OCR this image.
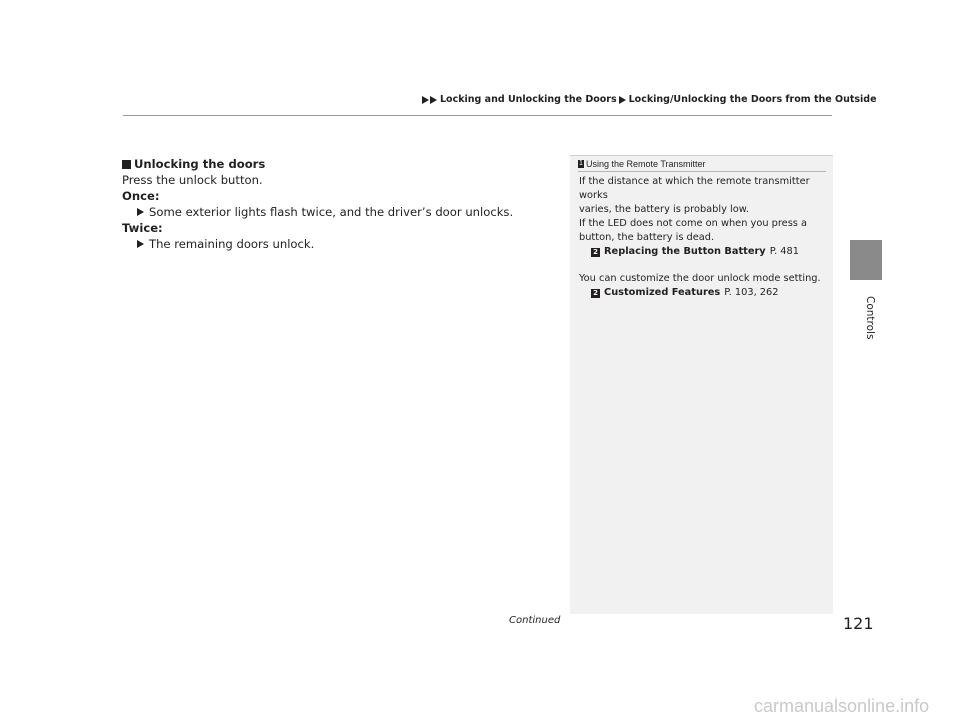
Locking and Unlocking the Doors Locking/Unlocking the Doors from the Outside
Unlocking the doors
Press the unlock button.
Once:
Some exterior lights flash twice, and the driver’s door unlocks.
Twice:
The remaining doors unlock.
1 Using the Remote Transmitter

If the distance at which the remote transmitter works

varies, the battery is probably low.

If the LED does not come on when you press a

button, the battery is dead.

2 Replacing the Button Battery P. 481

You can customize the door unlock mode setting.

2 Customized Features P. 103, 262
Controls
Continued	121
carmanualsonline.info
